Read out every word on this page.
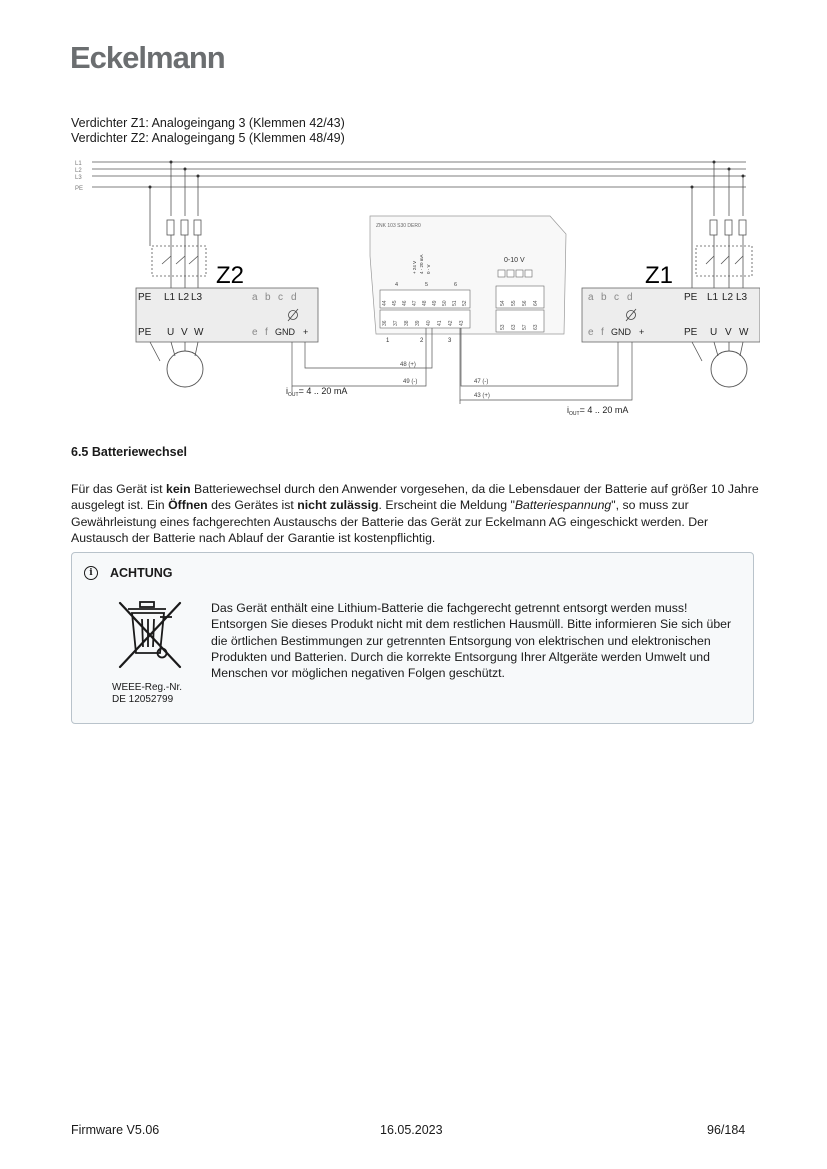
Eckelmann
Verdichter Z1: Analogeingang 3 (Klemmen 42/43)
Verdichter Z2: Analogeingang 5 (Klemmen 48/49)
L1
L2
L3
PE
Z2
PE L1 L2 L3
PE U V W
a b c d
e f GND +
Z1
a b c d
e f GND +
PE L1 L2 L3
PE U V W
ZNK 103 S30 DER0
0-10 V
+ 24 V 4 - 20 mA 0 - V
4	5	6
44 45 46 47 48 49 50 51 52
36 37 38 39 40 41 42 43
54 55 56 64
53 63 57 63
1	2	3
48 (+)
49 (-)	47 (-)
43 (+)
$i_{OUT}= 4$ .. 20 mA
$i_{OUT}= 4$ .. 20 mA
6.5 Batteriewechsel
Für das Gerät ist kein Batteriewechsel durch den Anwender vorgesehen, da die Lebensdauer der Batterie auf größer 10 Jahre ausgelegt ist. Ein Öffnen des Gerätes ist nicht zulässig. Erscheint die Meldung "Batteriespannung", so muss zur Gewährleistung eines fachgerechten Austauschs der Batterie das Gerät zur Eckelmann AG eingeschickt werden. Der Austausch der Batterie nach Ablauf der Garantie ist kostenpflichtig.
i	ACHTUNG
WEEE-Reg.-Nr.
DE 12052799
Das Gerät enthält eine Lithium-Batterie die fachgerecht getrennt entsorgt werden muss!
Entsorgen Sie dieses Produkt nicht mit dem restlichen Hausmüll. Bitte informieren Sie sich über die örtlichen Bestimmungen zur getrennten Entsorgung von elektrischen und elektronischen Produkten und Batterien. Durch die korrekte Entsorgung Ihrer Altgeräte werden Umwelt und Menschen vor möglichen negativen Folgen geschützt.
Firmware V5.06	16.05.2023	96/184
